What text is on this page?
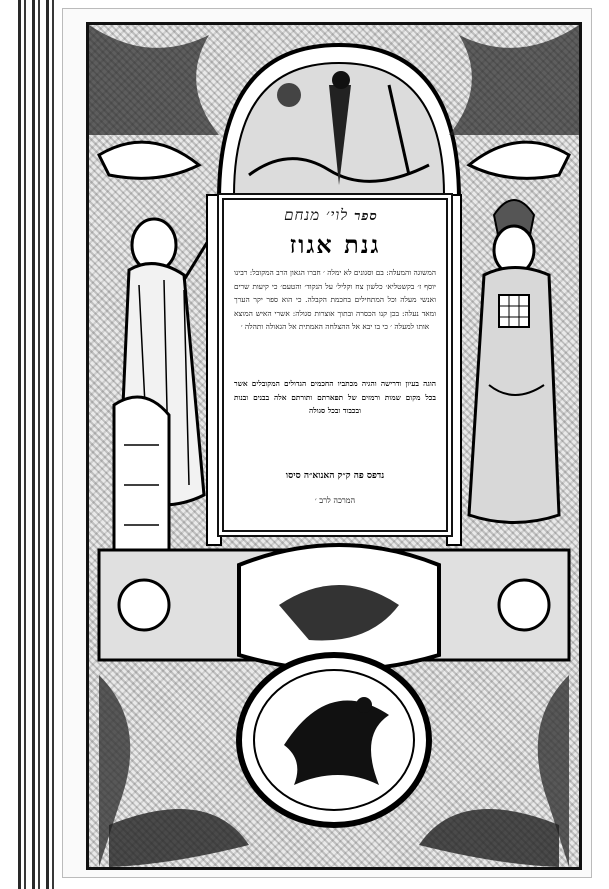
ספר לוי׳ מנחם
גנת אגוז
המשוגה והמעלה: בם וסגונים לא ימלה ׳ חברו הגאון הרב המקובל: רבינו יוסף ז׳ בקשטליא׳ כלשון צח וקליל׳ על הנקוד׳ והטעם׳ כי קיעות שרים ואנשי מעלה וכל המתחילים בחכמת הקבלה. כי הוא ספר יקר הערך ומאד נעלה: בכן קנו הכסרה ובתוך אוצרות סגולה: אשרי האיש המוצא אותו למעלה ׳ כי בו יבא אל ההצלחה האמתית אל הגאולה ותהלה ׳
הוגה בעיון ודרישה והגיה מכתביו החכמים הגדולים המקובלים אשר בכל מקום שמות ורמזים של תפארתם ותורתם אלה בבנים ובנות ובכבוד ובכל סגולה
נדפס פה ק״ק האנוא״ה סיסו
המרכה לרב ׳
